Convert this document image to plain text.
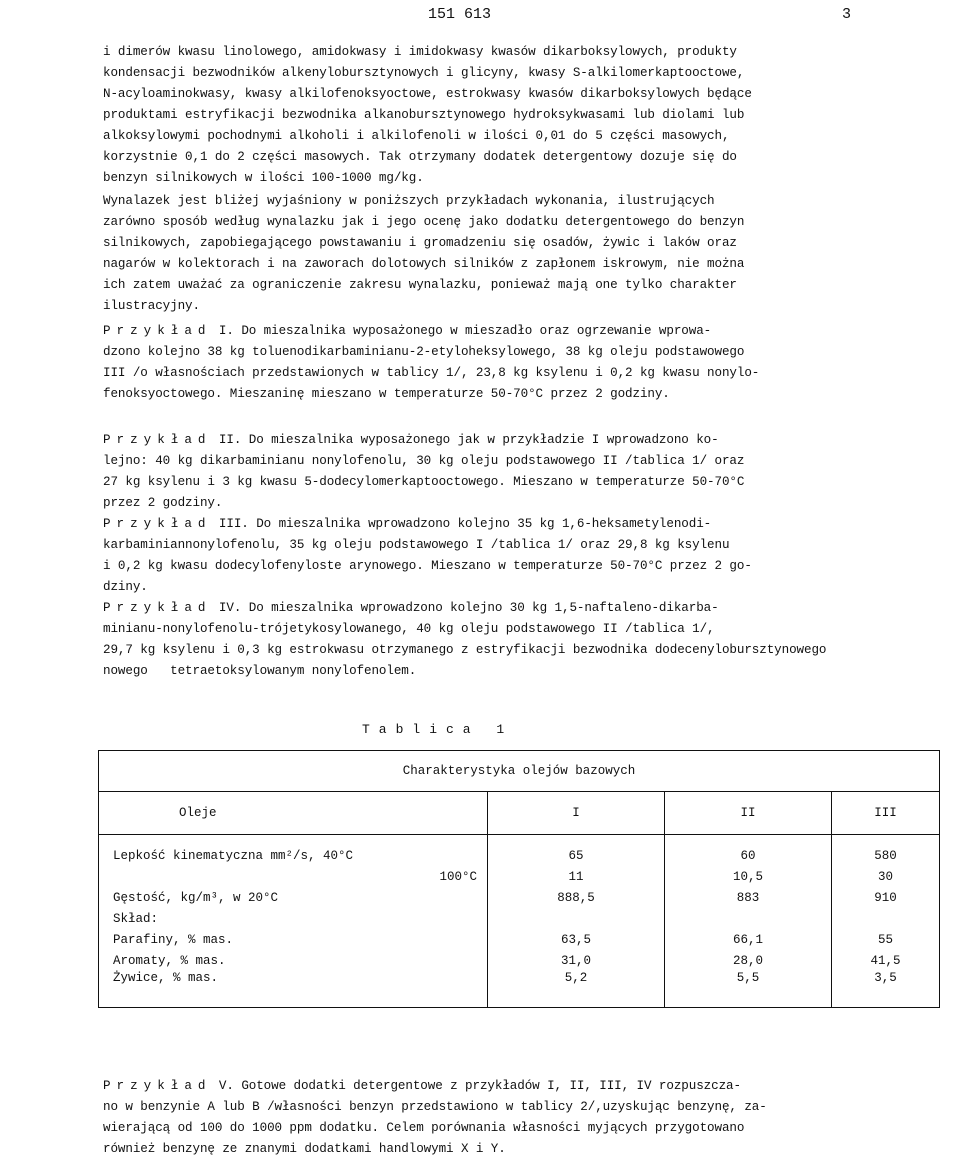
151 613	3

i dimerów kwasu linolowego, amidokwasy i imidokwasy kwasów dikarboksylowych, produkty

kondensacji bezwodników alkenylobursztynowych i glicyny, kwasy S-alkilomerkaptooctowe,

N-acyloaminokwasy, kwasy alkilofenoksyoctowe, estrokwasy kwasów dikarboksylowych będące

produktami estryfikacji bezwodnika alkanobursztynowego hydroksykwasami lub diolami lub

alkoksylowymi pochodnymi alkoholi i alkilofenoli w ilości 0,01 do 5 części masowych,

korzystnie 0,1 do 2 części masowych. Tak otrzymany dodatek detergentowy dozuje się do

benzyn silnikowych w ilości 100-1000 mg/kg.

Wynalazek jest bliżej wyjaśniony w poniższych przykładach wykonania, ilustrujących

zarówno sposób według wynalazku jak i jego ocenę jako dodatku detergentowego do benzyn

silnikowych, zapobiegającego powstawaniu i gromadzeniu się osadów, żywic i laków oraz

nagarów w kolektorach i na zaworach dolotowych silników z zapłonem iskrowym, nie można

ich zatem uważać za ograniczenie zakresu wynalazku, ponieważ mają one tylko charakter

ilustracyjny.

Przykład I. Do mieszalnika wyposażonego w mieszadło oraz ogrzewanie wprowa-

dzono kolejno 38 kg toluenodikarbaminianu-2-etyloheksylowego, 38 kg oleju podstawowego

III /o własnościach przedstawionych w tablicy 1/, 23,8 kg ksylenu i 0,2 kg kwasu nonylo-

fenoksyoctowego. Mieszaninę mieszano w temperaturze 50-70°C przez 2 godziny.

Przykład II. Do mieszalnika wyposażonego jak w przykładzie I wprowadzono ko-

lejno: 40 kg dikarbaminianu nonylofenolu, 30 kg oleju podstawowego II /tablica 1/ oraz

27 kg ksylenu i 3 kg kwasu 5-dodecylomerkaptooctowego. Mieszano w temperaturze 50-70°C

przez 2 godziny.

Przykład III. Do mieszalnika wprowadzono kolejno 35 kg 1,6-heksametylenodi-

karbaminiannonylofenolu, 35 kg oleju podstawowego I /tablica 1/ oraz 29,8 kg ksylenu

i 0,2 kg kwasu dodecylofenyloste arynowego. Mieszano w temperaturze 50-70°C przez 2 go-

dziny.

Przykład IV. Do mieszalnika wprowadzono kolejno 30 kg 1,5-naftaleno-dikarba-

minianu-nonylofenolu-trójetykosylowanego, 40 kg oleju podstawowego II /tablica 1/,

29,7 kg ksylenu i 0,3 kg estrokwasu otrzymanego z estryfikacji bezwodnika dodecenylobursztynowego

nowego   tetraetoksylowanym nonylofenolem.

Tablica 1
Charakterystyka olejów bazowych			
Oleje	I	II	III
Lepkość kinematyczna mm²/s, 40°C	65	60	580
100°C	11	10,5	30
Gęstość, kg/m³, w 20°C	888,5	883	910
Skład:			
Parafiny, % mas.	63,5	66,1	55
Aromaty, % mas.	31,0	28,0	41,5
Żywice, % mas.	5,2	5,5	3,5

Przykład V. Gotowe dodatki detergentowe z przykładów I, II, III, IV rozpuszcza-

no w benzynie A lub B /własności benzyn przedstawiono w tablicy 2/,uzyskując benzynę, za-

wierającą od 100 do 1000 ppm dodatku. Celem porównania własności myjących przygotowano

również benzynę ze znanymi dodatkami handlowymi X i Y.
